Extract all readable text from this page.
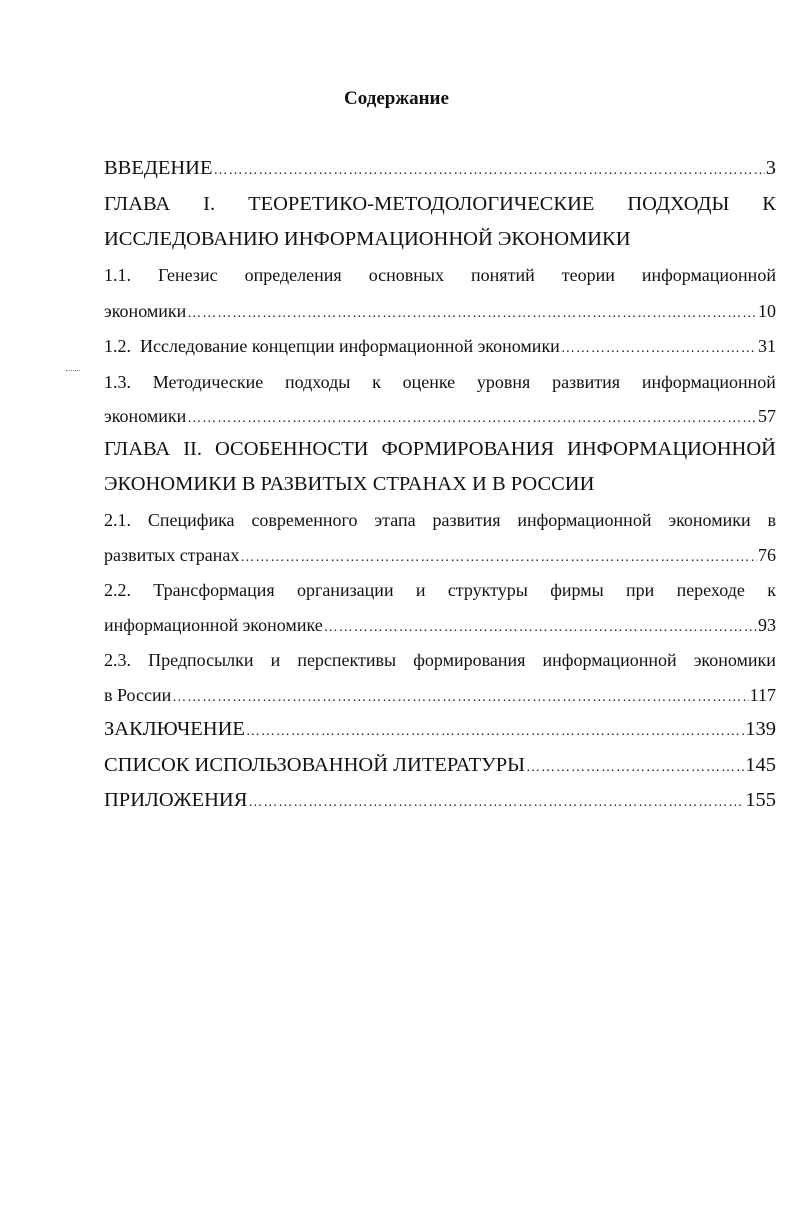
Содержание
ВВЕДЕНИЕ ……………………………………………………………………………………………………………………………………………………………………	3
ГЛАВА I. ТЕОРЕТИКО-МЕТОДОЛОГИЧЕСКИЕ ПОДХОДЫ К
ИССЛЕДОВАНИЮ ИНФОРМАЦИОННОЙ ЭКОНОМИКИ
1.1. Генезис определения основных понятий теории информационной
экономики ……………………………………………………………………………………………………………………………………………………………………	10
1.2.  Исследование концепции информационной экономики ……………………………………………………………………………………………………………………………………………………………………	31
1.3. Методические подходы к оценке уровня развития информационной
экономики ……………………………………………………………………………………………………………………………………………………………………	57
ГЛАВА II. ОСОБЕННОСТИ ФОРМИРОВАНИЯ ИНФОРМАЦИОННОЙ
ЭКОНОМИКИ В РАЗВИТЫХ СТРАНАХ И В РОССИИ
2.1. Специфика современного этапа развития информационной экономики в
развитых странах ……………………………………………………………………………………………………………………………………………………………………	76
2.2. Трансформация организации и структуры фирмы при переходе к
информационной экономике ……………………………………………………………………………………………………………………………………………………………………	93
2.3. Предпосылки и перспективы формирования информационной экономики
в России ……………………………………………………………………………………………………………………………………………………………………	117
ЗАКЛЮЧЕНИЕ ……………………………………………………………………………………………………………………………………………………………………	139
СПИСОК ИСПОЛЬЗОВАННОЙ ЛИТЕРАТУРЫ ……………………………………………………………………………………………………………………………………………………………………	145
ПРИЛОЖЕНИЯ ……………………………………………………………………………………………………………………………………………………………………	155
